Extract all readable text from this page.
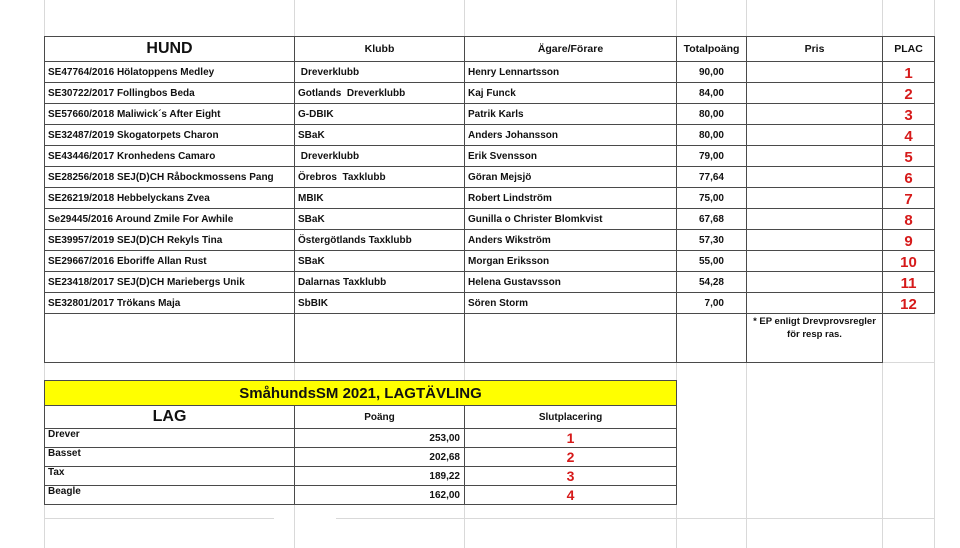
HUND	Klubb	Ägare/Förare	Totalpoäng	Pris	PLAC
SE47764/2016 Hölatoppens Medley	Dreverklubb	Henry Lennartsson	90,00		1
SE30722/2017 Follingbos Beda	Gotlands  Dreverklubb	Kaj Funck	84,00		2
SE57660/2018 Maliwick´s After Eight	G-DBIK	Patrik Karls	80,00		3
SE32487/2019 Skogatorpets Charon	SBaK	Anders Johansson	80,00		4
SE43446/2017 Kronhedens Camaro	Dreverklubb	Erik Svensson	79,00		5
SE28256/2018 SEJ(D)CH Råbockmossens Pang	Örebros  Taxklubb	Göran Mejsjö	77,64		6
SE26219/2018 Hebbelyckans Zvea	MBIK	Robert Lindström	75,00		7
Se29445/2016 Around Zmile For Awhile	SBaK	Gunilla o Christer Blomkvist	67,68		8
SE39957/2019 SEJ(D)CH Rekyls Tina	Östergötlands Taxklubb	Anders Wikström	57,30		9
SE29667/2016 Eboriffe Allan Rust	SBaK	Morgan Eriksson	55,00		10
SE23418/2017 SEJ(D)CH Mariebergs Unik	Dalarnas Taxklubb	Helena Gustavsson	54,28		11
SE32801/2017 Trökans Maja	SbBIK	Sören Storm	7,00		12
				* EP enligt Drevprovsregler för resp ras.	
SmåhundsSM 2021, LAGTÄVLING		
LAG	Poäng	Slutplacering
Drever	253,00	1
Basset	202,68	2
Tax	189,22	3
Beagle	162,00	4
